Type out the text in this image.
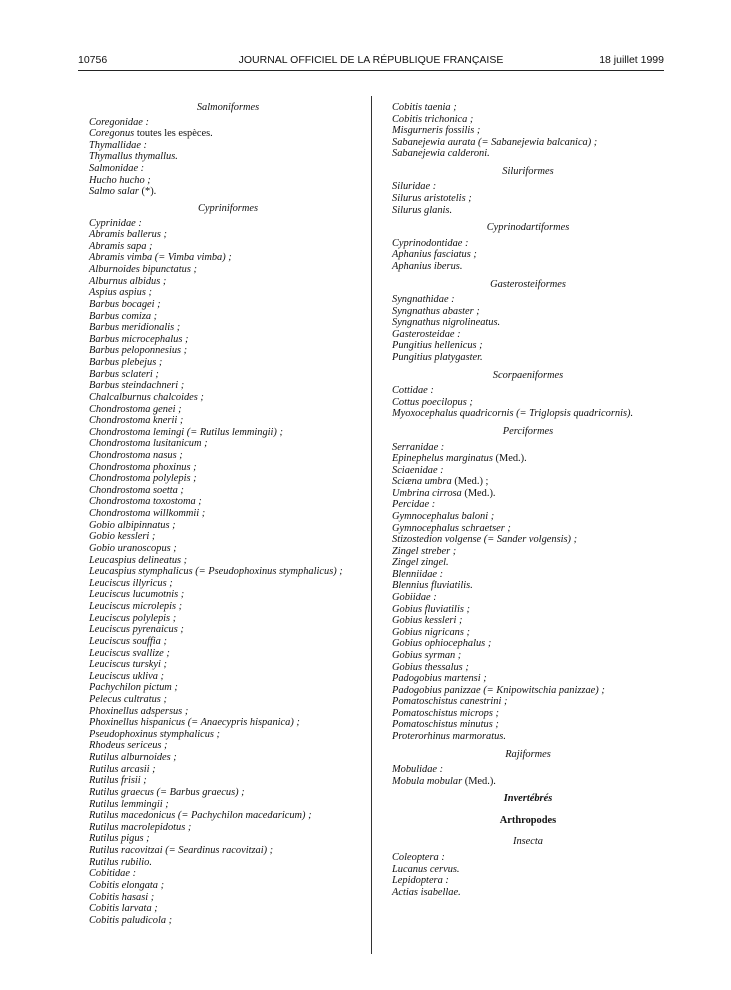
10756	JOURNAL OFFICIEL DE LA RÉPUBLIQUE FRANÇAISE	18 juillet 1999
Salmoniformes
Coregonidae :
Coregonus toutes les espèces.
Thymallidae :
Thymallus thymallus.
Salmonidae :
Hucho hucho ;
Salmo salar (*).
Cypriniformes
Cyprinidae :
Abramis ballerus ;
Abramis sapa ;
Abramis vimba (= Vimba vimba) ;
Alburnoides bipunctatus ;
Alburnus albidus ;
Aspius aspius ;
Barbus bocagei ;
Barbus comiza ;
Barbus meridionalis ;
Barbus microcephalus ;
Barbus peloponnesius ;
Barbus plebejus ;
Barbus sclateri ;
Barbus steindachneri ;
Chalcalburnus chalcoides ;
Chondrostoma genei ;
Chondrostoma knerii ;
Chondrostoma lemingi (= Rutilus lemmingii) ;
Chondrostoma lusitanicum ;
Chondrostoma nasus ;
Chondrostoma phoxinus ;
Chondrostoma polylepis ;
Chondrostoma soetta ;
Chondrostoma toxostoma ;
Chondrostoma willkommii ;
Gobio albipinnatus ;
Gobio kessleri ;
Gobio uranoscopus ;
Leucaspius delineatus ;
Leucaspius stymphalicus (= Pseudophoxinus stymphalicus) ;
Leuciscus illyricus ;
Leuciscus lucumotnis ;
Leuciscus microlepis ;
Leuciscus polylepis ;
Leuciscus pyrenaicus ;
Leuciscus souffia ;
Leuciscus svallize ;
Leuciscus turskyi ;
Leuciscus ukliva ;
Pachychilon pictum ;
Pelecus cultratus ;
Phoxinellus adspersus ;
Phoxinellus hispanicus (= Anaecypris hispanica) ;
Pseudophoxinus stymphalicus ;
Rhodeus sericeus ;
Rutilus alburnoides ;
Rutilus arcasii ;
Rutilus frisii ;
Rutilus graecus (= Barbus graecus) ;
Rutilus lemmingii ;
Rutilus macedonicus (= Pachychilon macedaricum) ;
Rutilus macrolepidotus ;
Rutilus pigus ;
Rutilus racovitzai (= Seardinus racovitzai) ;
Rutilus rubilio.
Cobitidae :
Cobitis elongata ;
Cobitis hasasi ;
Cobitis larvata ;
Cobitis paludicola ;
Cobitis taenia ;
Cobitis trichonica ;
Misgurneris fossilis ;
Sabanejewia aurata (= Sabanejewia balcanica) ;
Sabanejewia calderoni.
Siluriformes
Siluridae :
Silurus aristotelis ;
Silurus glanis.
Cyprinodartiformes
Cyprinodontidae :
Aphanius fasciatus ;
Aphanius iberus.
Gasterosteiformes
Syngnathidae :
Syngnathus abaster ;
Syngnathus nigrolineatus.
Gasterosteidae :
Pungitius hellenicus ;
Pungitius platygaster.
Scorpaeniformes
Cottidae :
Cottus poecilopus ;
Myoxocephalus quadricornis (= Triglopsis quadricornis).
Perciformes
Serranidae :
Epinephelus marginatus (Med.).
Sciaenidae :
Sciæna umbra (Med.) ;
Umbrina cirrosa (Med.).
Percidae :
Gymnocephalus baloni ;
Gymnocephalus schraetser ;
Stizostedion volgense (= Sander volgensis) ;
Zingel streber ;
Zingel zingel.
Blenniidae :
Blennius fluviatilis.
Gobiidae :
Gobius fluviatilis ;
Gobius kessleri ;
Gobius nigricans ;
Gobius ophiocephalus ;
Gobius syrman ;
Gobius thessalus ;
Padogobius martensi ;
Padogobius panizzae (= Knipowitschia panizzae) ;
Pomatoschistus canestrini ;
Pomatoschistus microps ;
Pomatoschistus minutus ;
Proterorhinus marmoratus.
Rajiformes
Mobulidae :
Mobula mobular (Med.).
Invertébrés
Arthropodes
Insecta
Coleoptera :
Lucanus cervus.
Lepidoptera :
Actias isabellae.
